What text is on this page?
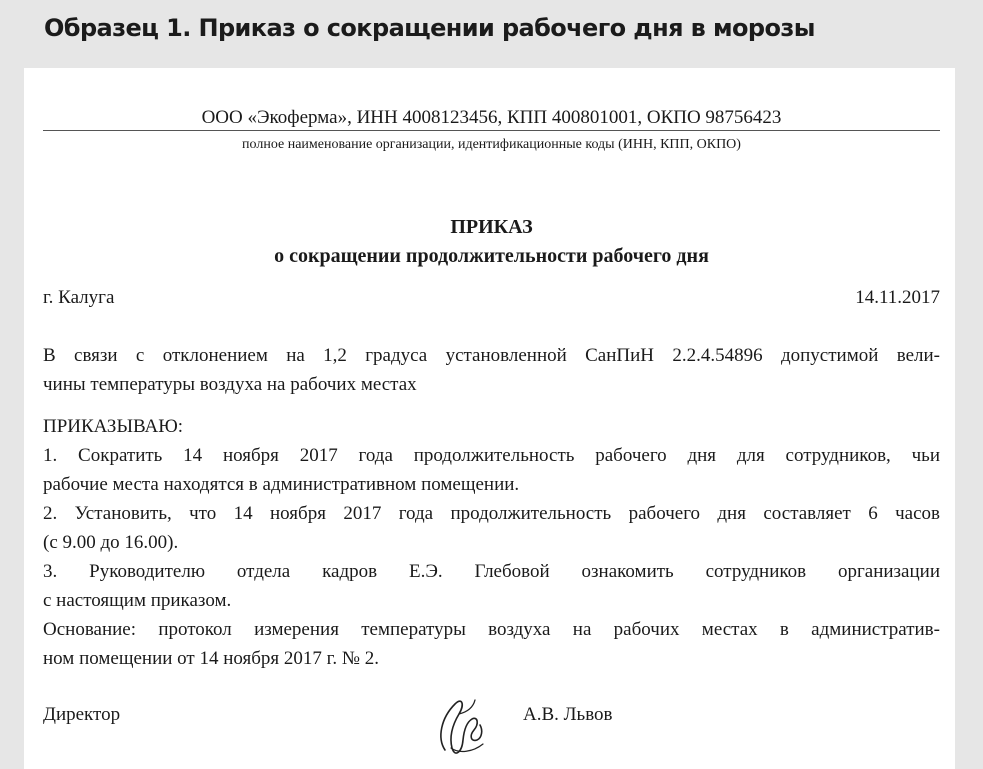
Образец 1. Приказ о сокращении рабочего дня в морозы
ООО «Экоферма», ИНН 4008123456, КПП 400801001, ОКПО 98756423
полное наименование организации, идентификационные коды (ИНН, КПП, ОКПО)
ПРИКАЗ
о сокращении продолжительности рабочего дня
г. Калуга	14.11.2017
В связи с отклонением на 1,2 градуса установленной СанПиН 2.2.4.54896 допустимой вели-
чины температуры воздуха на рабочих местах
ПРИКАЗЫВАЮ:
1. Сократить 14 ноября 2017 года продолжительность рабочего дня для сотрудников, чьи
рабочие места находятся в административном помещении.
2. Установить, что 14 ноября 2017 года продолжительность рабочего дня составляет 6 часов
(с 9.00 до 16.00).
3. Руководителю отдела кадров Е.Э. Глебовой ознакомить сотрудников организации
с настоящим приказом.
Основание: протокол измерения температуры воздуха на рабочих местах в административ-
ном помещении от 14 ноября 2017 г. № 2.
Директор	А.В. Львов
